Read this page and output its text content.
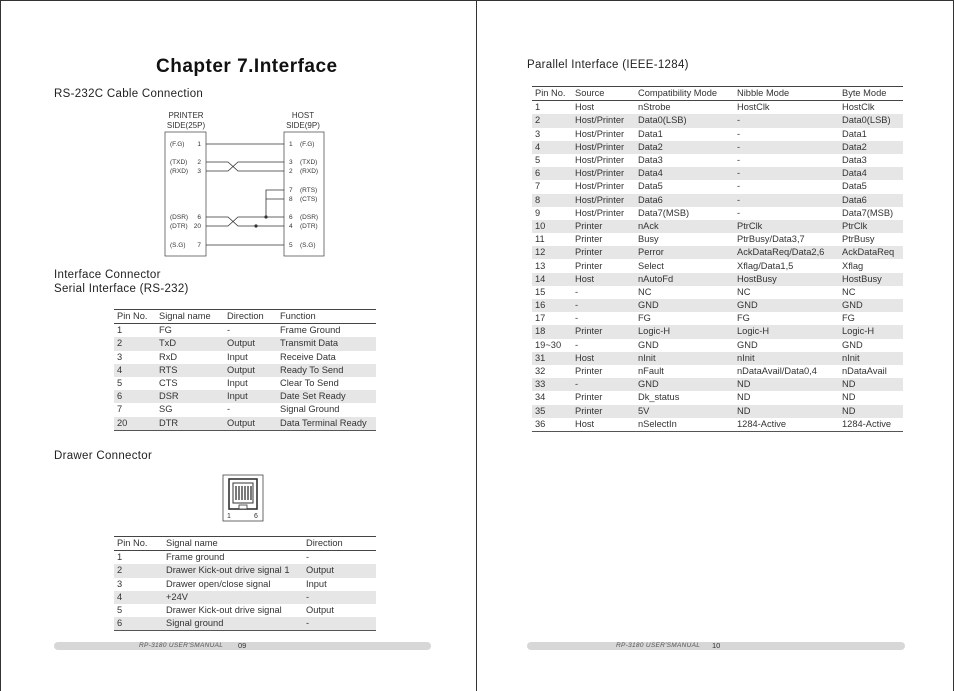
Chapter 7.Interface
RS-232C Cable Connection
PRINTER
SIDE(25P)
HOST
SIDE(9P)
(F.G) 1
(TXD) 2
(RXD) 3
(DSR) 6
(DTR) 20
(S.G) 7
1 (F.G)
3 (TXD)
2 (RXD)
7 (RTS)
8 (CTS)
6 (DSR)
4 (DTR)
5 (S.G)
Interface Connector
Serial Interface (RS-232)
Pin No.	Signal name	Direction	Function
1	FG	-	Frame Ground
2	TxD	Output	Transmit Data
3	RxD	Input	Receive Data
4	RTS	Output	Ready To Send
5	CTS	Input	Clear To Send
6	DSR	Input	Date Set Ready
7	SG	-	Signal Ground
20	DTR	Output	Data Terminal Ready
Drawer Connector
1	6
Pin No.	Signal name	Direction
1	Frame ground	-
2	Drawer Kick-out drive signal 1	Output
3	Drawer open/close signal	Input
4	+24V	-
5	Drawer Kick-out drive signal	Output
6	Signal ground	-
RP-3180 USER'SMANUAL 09
Parallel Interface (IEEE-1284)
Pin No.	Source	Compatibility Mode	Nibble Mode	Byte Mode
1	Host	nStrobe	HostClk	HostClk
2	Host/Printer	Data0(LSB)	-	Data0(LSB)
3	Host/Printer	Data1	-	Data1
4	Host/Printer	Data2	-	Data2
5	Host/Printer	Data3	-	Data3
6	Host/Printer	Data4	-	Data4
7	Host/Printer	Data5	-	Data5
8	Host/Printer	Data6	-	Data6
9	Host/Printer	Data7(MSB)	-	Data7(MSB)
10	Printer	nAck	PtrClk	PtrClk
11	Printer	Busy	PtrBusy/Data3,7	PtrBusy
12	Printer	Perror	AckDataReq/Data2,6	AckDataReq
13	Printer	Select	Xflag/Data1,5	Xflag
14	Host	nAutoFd	HostBusy	HostBusy
15	-	NC	NC	NC
16	-	GND	GND	GND
17	-	FG	FG	FG
18	Printer	Logic-H	Logic-H	Logic-H
19~30	-	GND	GND	GND
31	Host	nInit	nInit	nInit
32	Printer	nFault	nDataAvail/Data0,4	nDataAvail
33	-	GND	ND	ND
34	Printer	Dk_status	ND	ND
35	Printer	5V	ND	ND
36	Host	nSelectIn	1284-Active	1284-Active
RP-3180 USER'SMANUAL 10
